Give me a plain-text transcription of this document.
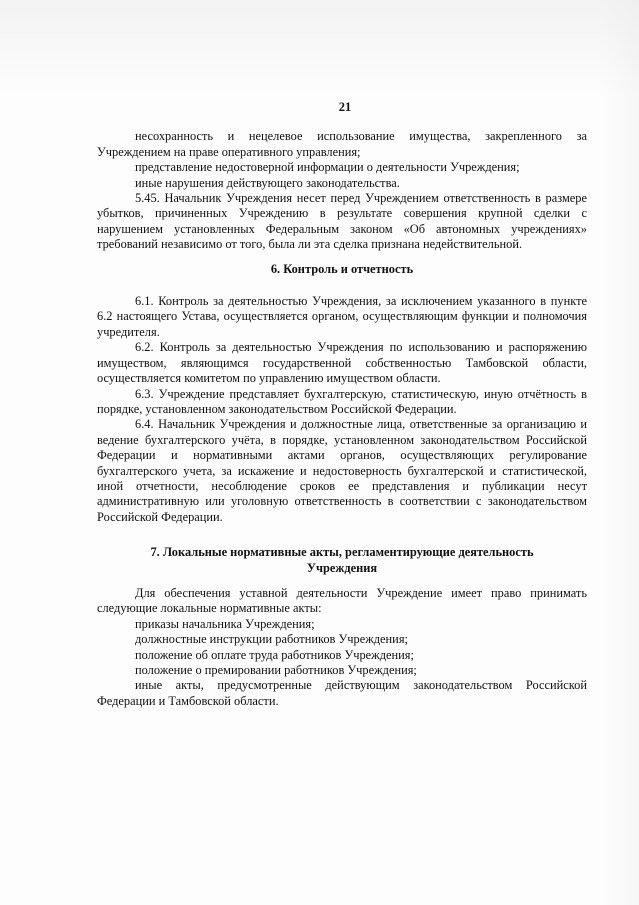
21

несохранность и нецелевое использование имущества, закрепленного за Учреждением на праве оперативного управления;

представление недостоверной информации о деятельности Учреждения;

иные нарушения действующего законодательства.

5.45. Начальник Учреждения несет перед Учреждением ответственность в размере убытков, причиненных Учреждению в результате совершения крупной сделки с нарушением установленных Федеральным законом «Об автономных учреждениях» требований независимо от того, была ли эта сделка признана недействительной.

6. Контроль и отчетность

6.1. Контроль за деятельностью Учреждения, за исключением указанного в пункте 6.2 настоящего Устава, осуществляется органом, осуществляющим функции и полномочия учредителя.

6.2. Контроль за деятельностью Учреждения по использованию и распоряжению имуществом, являющимся государственной собственностью Тамбовской области, осуществляется комитетом по управлению имуществом области.

6.3. Учреждение представляет бухгалтерскую, статистическую, иную отчётность в порядке, установленном законодательством Российской Федерации.

6.4. Начальник Учреждения и должностные лица, ответственные за организацию и ведение бухгалтерского учёта, в порядке, установленном законодательством Российской Федерации и нормативными актами органов, осуществляющих регулирование бухгалтерского учета, за искажение и недостоверность бухгалтерской и статистической, иной отчетности, несоблюдение сроков ее представления и публикации несут административную или уголовную ответственность в соответствии с законодательством Российской Федерации.

7. Локальные нормативные акты, регламентирующие деятельность
Учреждения

Для обеспечения уставной деятельности Учреждение имеет право принимать следующие локальные нормативные акты:

приказы начальника Учреждения;

должностные инструкции работников Учреждения;

положение об оплате труда работников Учреждения;

положение о премировании работников Учреждения;

иные акты, предусмотренные действующим законодательством Российской Федерации и Тамбовской области.
